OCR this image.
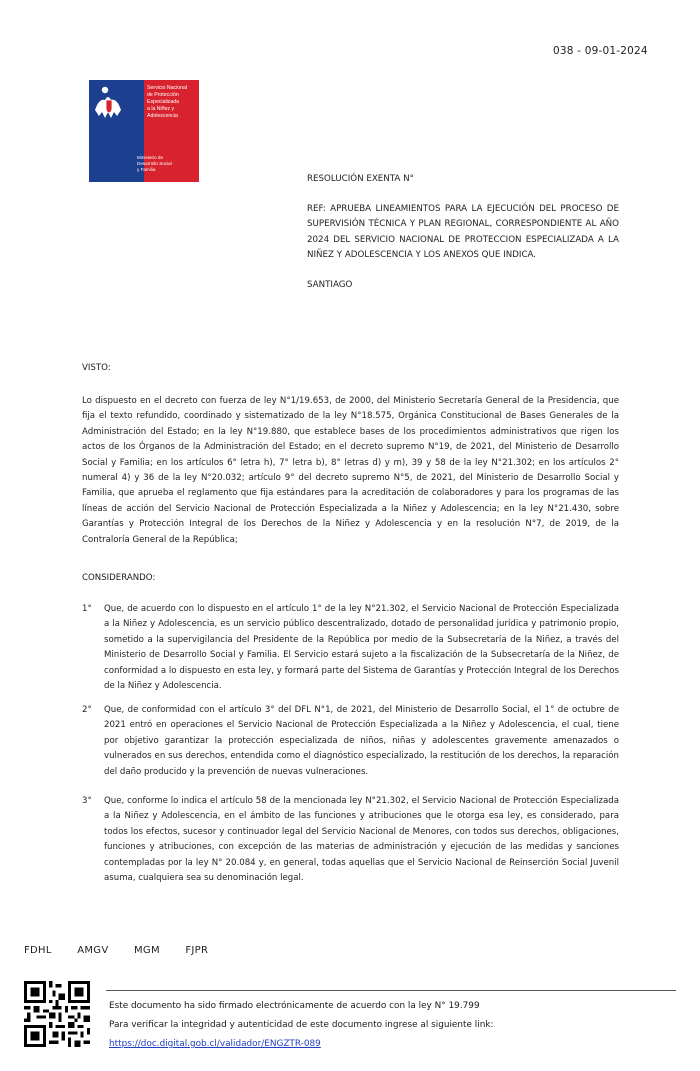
038 - 09-01-2024
Servicio Nacional
de Protección
Especializada
a la Niñez y
Adolescencia
Ministerio de
Desarrollo Social
y Familia

RESOLUCIÓN EXENTA N°

REF: APRUEBA LINEAMIENTOS PARA LA EJECUCIÓN DEL PROCESO DE SUPERVISIÓN TÉCNICA Y PLAN REGIONAL, CORRESPONDIENTE AL AÑO 2024 DEL SERVICIO NACIONAL DE PROTECCION ESPECIALIZADA A LA NIÑEZ Y ADOLESCENCIA Y LOS ANEXOS QUE INDICA.

SANTIAGO

VISTO:

Lo dispuesto en el decreto con fuerza de ley N°1/19.653, de 2000, del Ministerio Secretaría General de la Presidencia, que fija el texto refundido, coordinado y sistematizado de la ley N°18.575, Orgánica Constitucional de Bases Generales de la Administración del Estado; en la ley N°19.880, que establece bases de los procedimientos administrativos que rigen los actos de los Órganos de la Administración del Estado; en el decreto supremo N°19, de 2021, del Ministerio de Desarrollo Social y Familia; en los artículos 6° letra h), 7° letra b), 8° letras d) y m), 39 y 58 de la ley N°21.302; en los artículos 2° numeral 4) y 36 de la ley N°20.032; artículo 9° del decreto supremo N°5, de 2021, del Ministerio de Desarrollo Social y Familia, que aprueba el reglamento que fija estándares para la acreditación de colaboradores y para los programas de las líneas de acción del Servicio Nacional de Protección Especializada a la Niñez y Adolescencia; en la ley N°21.430, sobre Garantías y Protección Integral de los Derechos de la Niñez y Adolescencia y en la resolución N°7, de 2019, de la Contraloría General de la República;

CONSIDERANDO:
1° Que, de acuerdo con lo dispuesto en el artículo 1° de la ley N°21.302, el Servicio Nacional de Protección Especializada a la Niñez y Adolescencia, es un servicio público descentralizado, dotado de personalidad jurídica y patrimonio propio, sometido a la supervigilancia del Presidente de la República por medio de la Subsecretaría de la Niñez, a través del Ministerio de Desarrollo Social y Familia. El Servicio estará sujeto a la fiscalización de la Subsecretaría de la Niñez, de conformidad a lo dispuesto en esta ley, y formará parte del Sistema de Garantías y Protección Integral de los Derechos de la Niñez y Adolescencia.

2° Que, de conformidad con el artículo 3° del DFL N°1, de 2021, del Ministerio de Desarrollo Social, el 1° de octubre de 2021 entró en operaciones el Servicio Nacional de Protección Especializada a la Niñez y Adolescencia, el cual, tiene por objetivo garantizar la protección especializada de niños, niñas y adolescentes gravemente amenazados o vulnerados en sus derechos, entendida como el diagnóstico especializado, la restitución de los derechos, la reparación del daño producido y la prevención de nuevas vulneraciones.

3° Que, conforme lo indica el artículo 58 de la mencionada ley N°21.302, el Servicio Nacional de Protección Especializada a la Niñez y Adolescencia, en el ámbito de las funciones y atribuciones que le otorga esa ley, es considerado, para todos los efectos, sucesor y continuador legal del Servicio Nacional de Menores, con todos sus derechos, obligaciones, funciones y atribuciones, con excepción de las materias de administración y ejecución de las medidas y sanciones contempladas por la ley N° 20.084 y, en general, todas aquellas que el Servicio Nacional de Reinserción Social Juvenil asuma, cualquiera sea su denominación legal.

FDHL	AMGV	MGM	FJPR
Este documento ha sido firmado electrónicamente de acuerdo con la ley N° 19.799
Para verificar la integridad y autenticidad de este documento ingrese al siguiente link:
https://doc.digital.gob.cl/validador/ENGZTR-089
